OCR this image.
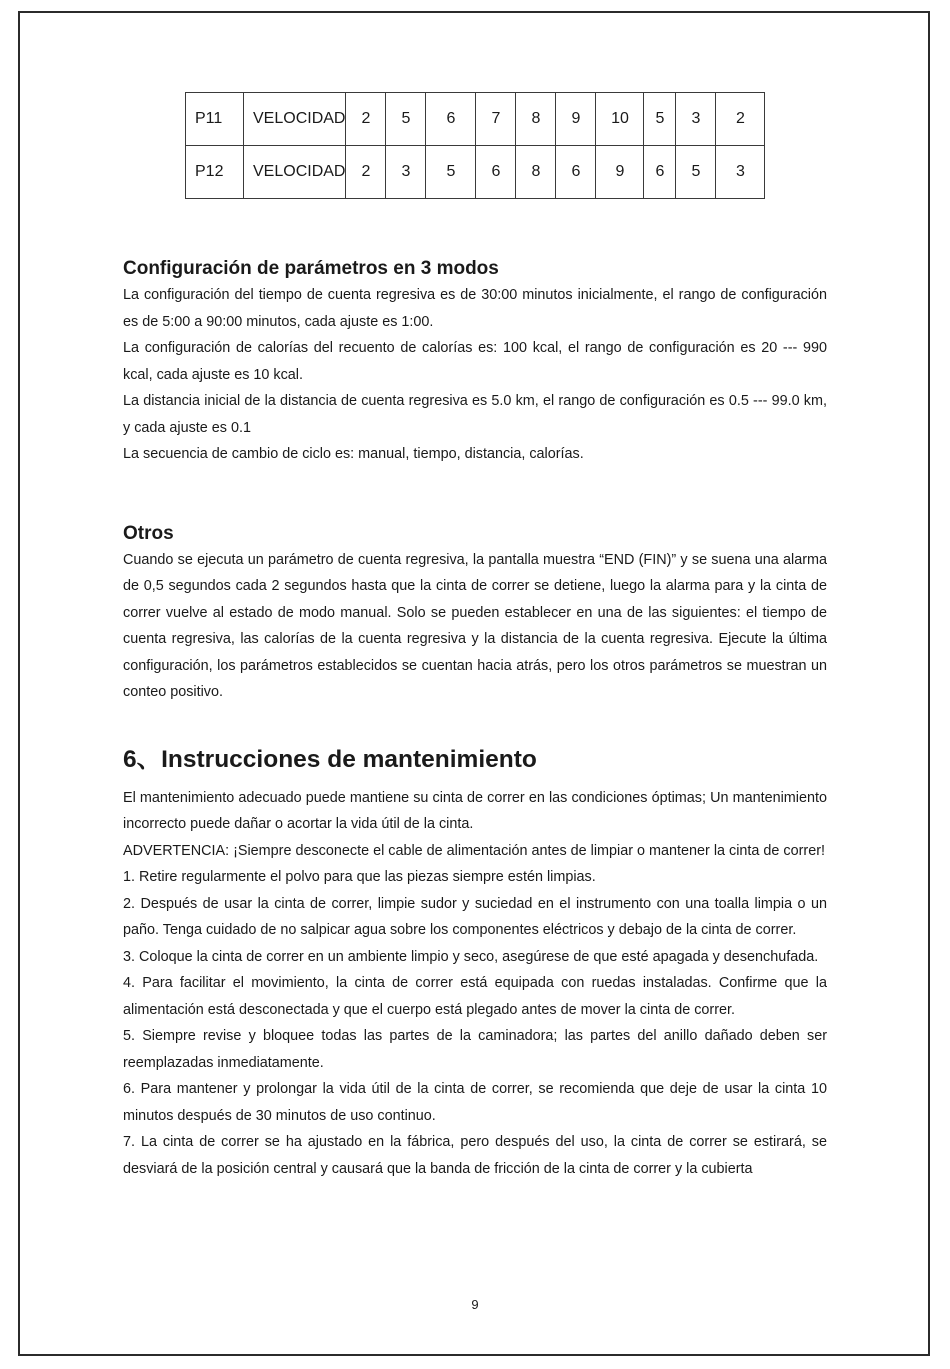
P11	VELOCIDAD	2	5	6	7	8	9	10	5	3	2
P12	VELOCIDAD	2	3	5	6	8	6	9	6	5	3
Configuración de parámetros en 3 modos

La configuración del tiempo de cuenta regresiva es de 30:00 minutos inicialmente, el rango de configuración es de 5:00 a 90:00 minutos, cada ajuste es 1:00.

La configuración de calorías del recuento de calorías es: 100 kcal, el rango de configuración es 20 --- 990 kcal, cada ajuste es 10 kcal.

La distancia inicial de la distancia de cuenta regresiva es 5.0 km, el rango de configuración es 0.5 --- 99.0 km, y cada ajuste es 0.1

La secuencia de cambio de ciclo es: manual, tiempo, distancia, calorías.

Otros

Cuando se ejecuta un parámetro de cuenta regresiva, la pantalla muestra “END (FIN)” y se suena una alarma de 0,5 segundos cada 2 segundos hasta que la cinta de correr se detiene, luego la alarma para y la cinta de correr vuelve al estado de modo manual. Solo se pueden establecer en una de las siguientes: el tiempo de cuenta regresiva, las calorías de la cuenta regresiva y la distancia de la cuenta regresiva. Ejecute la última configuración, los parámetros establecidos se cuentan hacia atrás, pero los otros parámetros se muestran un conteo positivo.

6、Instrucciones de mantenimiento

El mantenimiento adecuado puede mantiene su cinta de correr en las condiciones óptimas; Un mantenimiento incorrecto puede dañar o acortar la vida útil de la cinta.

ADVERTENCIA: ¡Siempre desconecte el cable de alimentación antes de limpiar o mantener la cinta de correr!

1. Retire regularmente el polvo para que las piezas siempre estén limpias.

2. Después de usar la cinta de correr, limpie sudor y suciedad en el instrumento con una toalla limpia o un paño. Tenga cuidado de no salpicar agua sobre los componentes eléctricos y debajo de la cinta de correr.

3. Coloque la cinta de correr en un ambiente limpio y seco, asegúrese de que esté apagada y desenchufada.

4. Para facilitar el movimiento, la cinta de correr está equipada con ruedas instaladas. Confirme que la alimentación está desconectada y que el cuerpo está plegado antes de mover la cinta de correr.

5. Siempre revise y bloquee todas las partes de la caminadora; las partes del anillo dañado deben ser reemplazadas inmediatamente.

6. Para mantener y prolongar la vida útil de la cinta de correr, se recomienda que deje de usar la cinta 10 minutos después de 30 minutos de uso continuo.

7. La cinta de correr se ha ajustado en la fábrica, pero después del uso, la cinta de correr se estirará, se desviará de la posición central y causará que la banda de fricción de la cinta de correr y la cubierta

9
